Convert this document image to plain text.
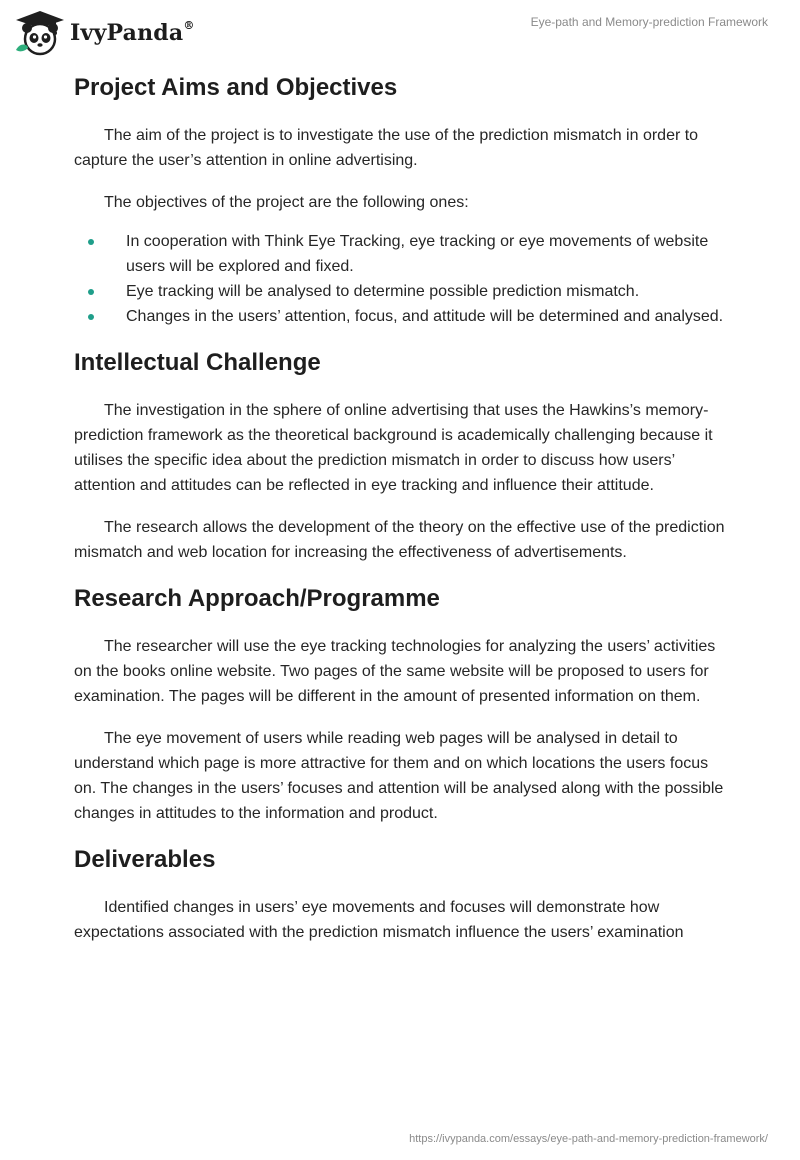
IvyPanda®	Eye-path and Memory-prediction Framework
Project Aims and Objectives

The aim of the project is to investigate the use of the prediction mismatch in order to capture the user’s attention in online advertising.

The objectives of the project are the following ones:

In cooperation with Think Eye Tracking, eye tracking or eye movements of website users will be explored and fixed.
Eye tracking will be analysed to determine possible prediction mismatch.
Changes in the users’ attention, focus, and attitude will be determined and analysed.
Intellectual Challenge

The investigation in the sphere of online advertising that uses the Hawkins’s memory-prediction framework as the theoretical background is academically challenging because it utilises the specific idea about the prediction mismatch in order to discuss how users’ attention and attitudes can be reflected in eye tracking and influence their attitude.

The research allows the development of the theory on the effective use of the prediction mismatch and web location for increasing the effectiveness of advertisements.

Research Approach/Programme

The researcher will use the eye tracking technologies for analyzing the users’ activities on the books online website. Two pages of the same website will be proposed to users for examination. The pages will be different in the amount of presented information on them.

The eye movement of users while reading web pages will be analysed in detail to understand which page is more attractive for them and on which locations the users focus on. The changes in the users’ focuses and attention will be analysed along with the possible changes in attitudes to the information and product.

Deliverables

Identified changes in users’ eye movements and focuses will demonstrate how expectations associated with the prediction mismatch influence the users’ examination

https://ivypanda.com/essays/eye-path-and-memory-prediction-framework/
